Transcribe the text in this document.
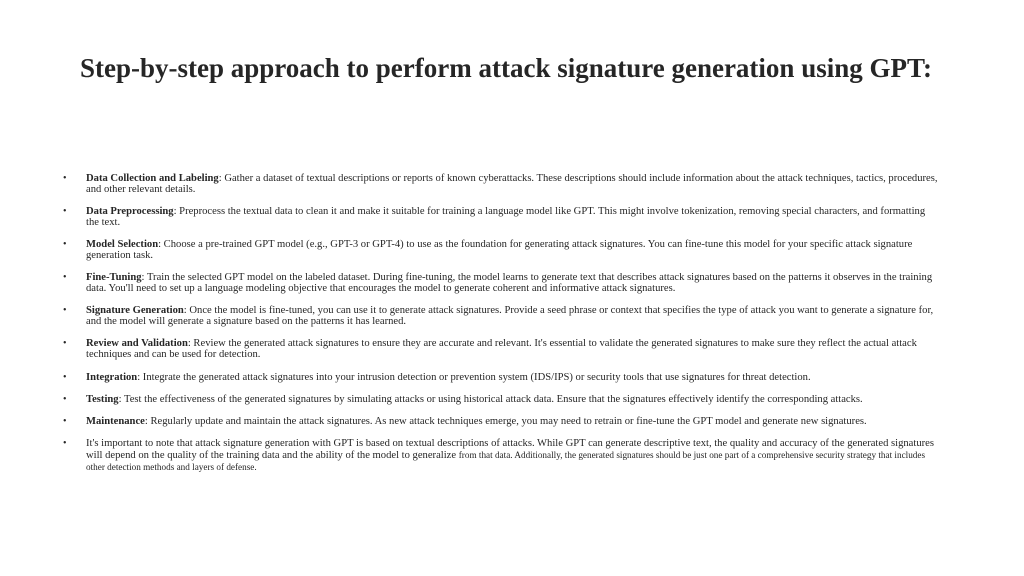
Step-by-step approach to perform attack signature generation using GPT:
• Data Collection and Labeling: Gather a dataset of textual descriptions or reports of known cyberattacks. These descriptions should include information about the attack techniques, tactics, procedures, and other relevant details.
• Data Preprocessing: Preprocess the textual data to clean it and make it suitable for training a language model like GPT. This might involve tokenization, removing special characters, and formatting the text.
• Model Selection: Choose a pre-trained GPT model (e.g., GPT-3 or GPT-4) to use as the foundation for generating attack signatures. You can fine-tune this model for your specific attack signature generation task.
• Fine-Tuning: Train the selected GPT model on the labeled dataset. During fine-tuning, the model learns to generate text that describes attack signatures based on the patterns it observes in the training data. You'll need to set up a language modeling objective that encourages the model to generate coherent and informative attack signatures.
• Signature Generation: Once the model is fine-tuned, you can use it to generate attack signatures. Provide a seed phrase or context that specifies the type of attack you want to generate a signature for, and the model will generate a signature based on the patterns it has learned.
• Review and Validation: Review the generated attack signatures to ensure they are accurate and relevant. It's essential to validate the generated signatures to make sure they reflect the actual attack techniques and can be used for detection.
• Integration: Integrate the generated attack signatures into your intrusion detection or prevention system (IDS/IPS) or security tools that use signatures for threat detection.
• Testing: Test the effectiveness of the generated signatures by simulating attacks or using historical attack data. Ensure that the signatures effectively identify the corresponding attacks.
• Maintenance: Regularly update and maintain the attack signatures. As new attack techniques emerge, you may need to retrain or fine-tune the GPT model and generate new signatures.
• It's important to note that attack signature generation with GPT is based on textual descriptions of attacks. While GPT can generate descriptive text, the quality and accuracy of the generated signatures will depend on the quality of the training data and the ability of the model to generalize from that data. Additionally, the generated signatures should be just one part of a comprehensive security strategy that includes other detection methods and layers of defense.
